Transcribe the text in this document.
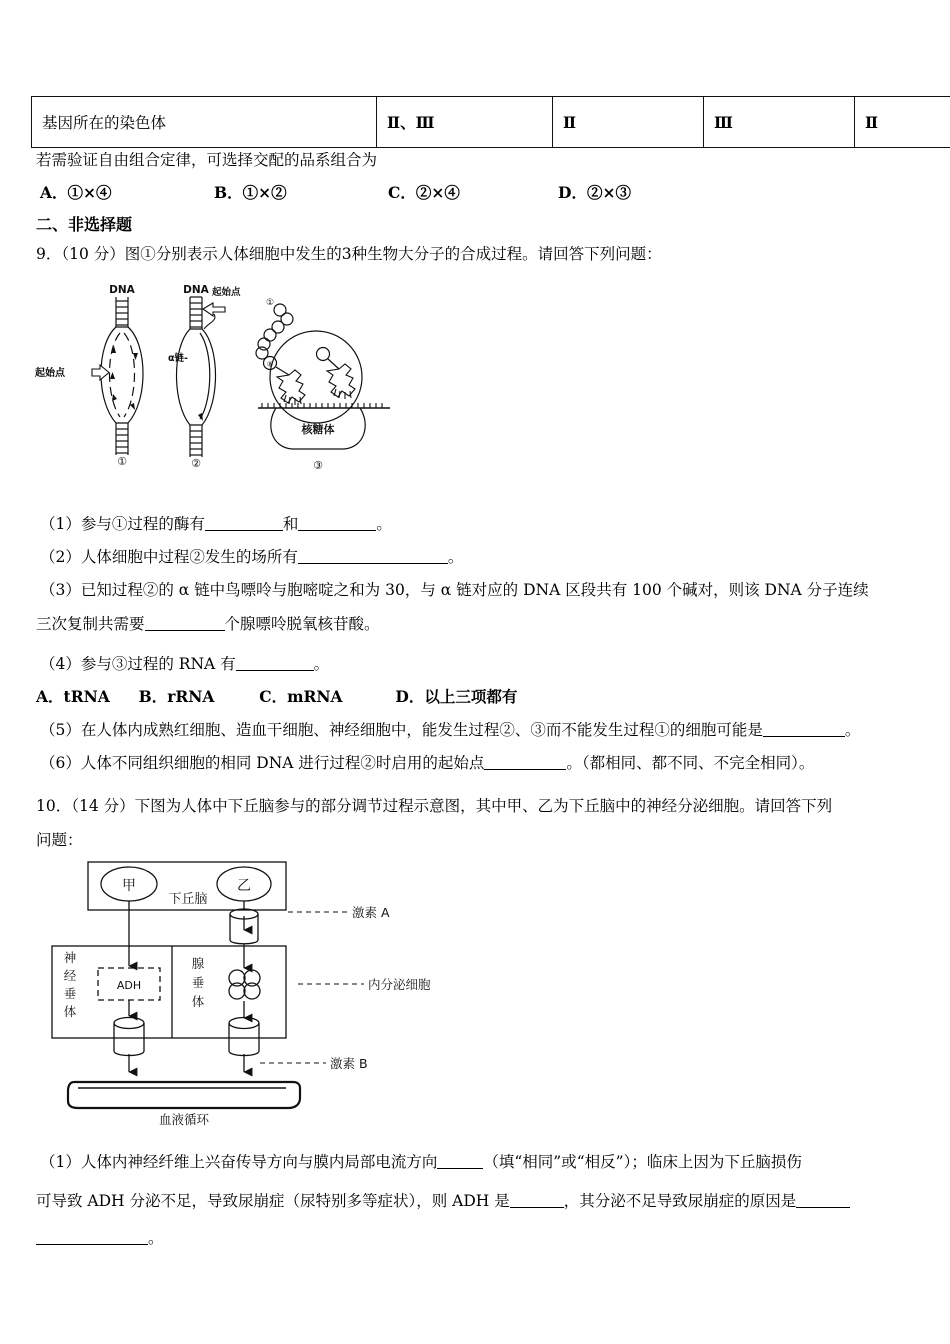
基因所在的染色体	Ⅱ、Ⅲ	Ⅱ	Ⅲ	Ⅱ
若需验证自由组合定律，可选择交配的品系组合为
A．①×④	B．①×②	C．②×④	D．②×③
二、非选择题
9．（10 分）图①分别表示人体细胞中发生的3种生物大分子的合成过程。请回答下列问题：
⑧
DNA	DNA 起始点
α链-
核糖体
①	②	③
①
起始点
（1）参与①过程的酶有	和	。
（2）人体细胞中过程②发生的场所有	。
（3）已知过程②的 α 链中鸟嘌呤与胞嘧啶之和为 30，与 α 链对应的 DNA 区段共有 100 个碱对，则该 DNA 分子连续
三次复制共需要	个腺嘌呤脱氧核苷酸。
（4）参与③过程的 RNA 有	。
A．tRNA B．rRNA	C．mRNA	D．以上三项都有
（5）在人体内成熟红细胞、造血干细胞、神经细胞中，能发生过程②、③而不能发生过程①的细胞可能是	。
（6）人体不同组织细胞的相同 DNA 进行过程②时启用的起始点	。（都相同、都不同、不完全相同）。
10．（14 分）下图为人体中下丘脑参与的部分调节过程示意图，其中甲、乙为下丘脑中的神经分泌细胞。请回答下列
问题：
甲	乙
下丘脑
神
经
垂
体
腺
垂
体
ADH
激素 A
内分泌细胞
激素 B
血液循环
（1）人体内神经纤维上兴奋传导方向与膜内局部电流方向	（填“相同”或“相反”）；临床上因为下丘脑损伤
可导致 ADH 分泌不足，导致尿崩症（尿特别多等症状），则 ADH 是	，其分泌不足导致尿崩症的原因是
。
